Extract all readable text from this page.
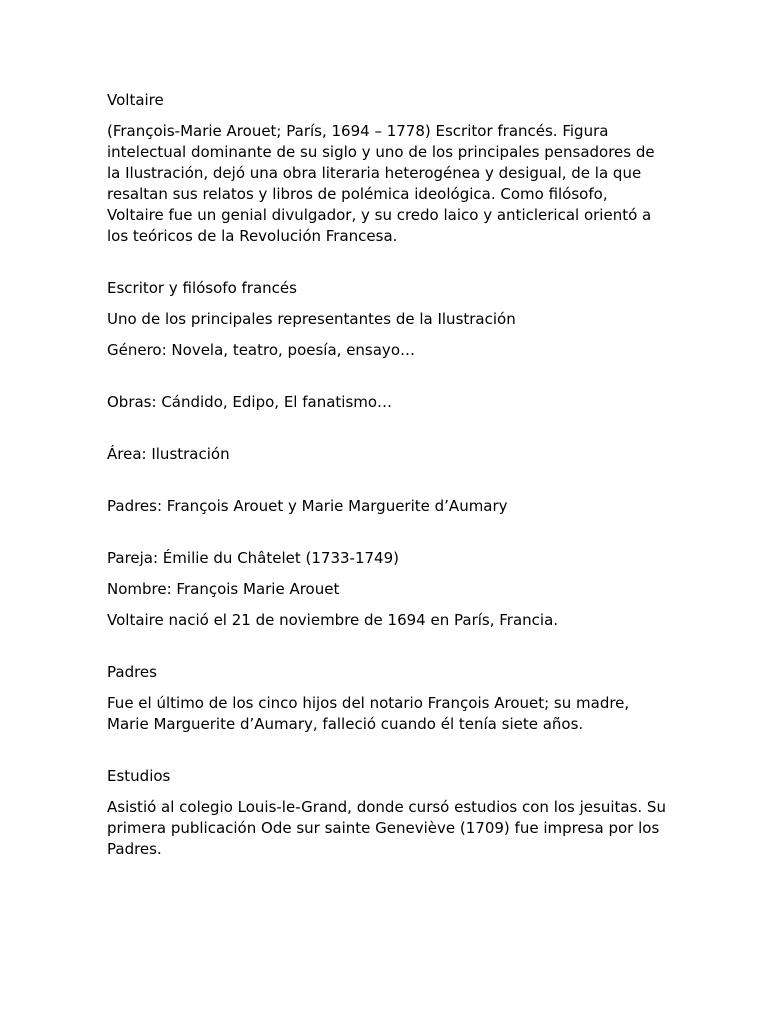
Voltaire

(François-Marie Arouet; París, 1694 – 1778) Escritor francés. Figura intelectual dominante de su siglo y uno de los principales pensadores de la Ilustración, dejó una obra literaria heterogénea y desigual, de la que resaltan sus relatos y libros de polémica ideológica. Como filósofo, Voltaire fue un genial divulgador, y su credo laico y anticlerical orientó a los teóricos de la Revolución Francesa.

Escritor y filósofo francés

Uno de los principales representantes de la Ilustración

Género: Novela, teatro, poesía, ensayo…

Obras: Cándido, Edipo, El fanatismo…

Área: Ilustración

Padres: François Arouet y Marie Marguerite d’Aumary

Pareja: Émilie du Châtelet (1733-1749)

Nombre: François Marie Arouet

Voltaire nació el 21 de noviembre de 1694 en París, Francia.

Padres

Fue el último de los cinco hijos del notario François Arouet; su madre, Marie Marguerite d’Aumary, falleció cuando él tenía siete años.

Estudios

Asistió al colegio Louis-le-Grand, donde cursó estudios con los jesuitas. Su primera publicación Ode sur sainte Geneviève (1709) fue impresa por los Padres.
